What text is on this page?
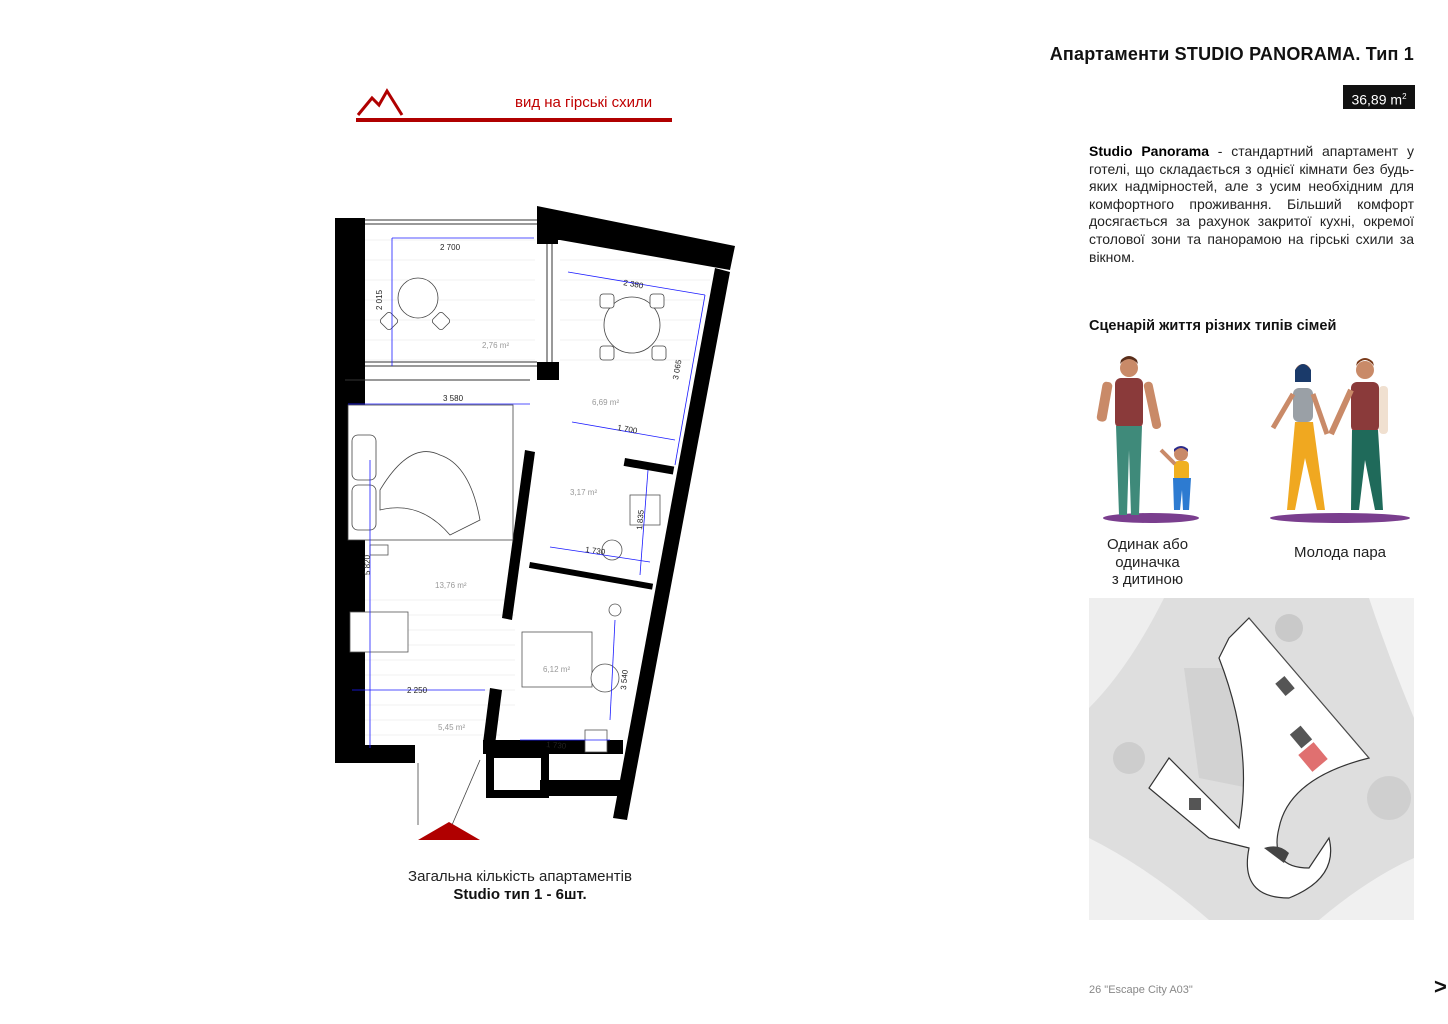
Апартаменти STUDIO PANORAMA. Тип 1
36,89 $m^2$
Studio Panorama - стандартний апартамент у готелі, що складається з однієї кімнати без будь-яких надмірностей, але з усим необхідним для комфортного проживання. Більший комфорт досягається за рахунок закритої кухні, окремої столової зони та панорамою на гірські схили за вікном.
Сценарій життя різних типів сімей
Одинак або
одиначка
з дитиною
Молода пара
вид на гірські схили
2 700
2 015
2 380
3 065
3 580
1 700
1 835
1 730
5 820
2 250
3 540
1 730
2,76 m²
6,69 m²
3,17 m²
13,76 m²
6,12 m²
5,45 m²
Загальна кількість апартаментів
Studio тип 1 - 6шт.
26 "Escape City A03"	>
